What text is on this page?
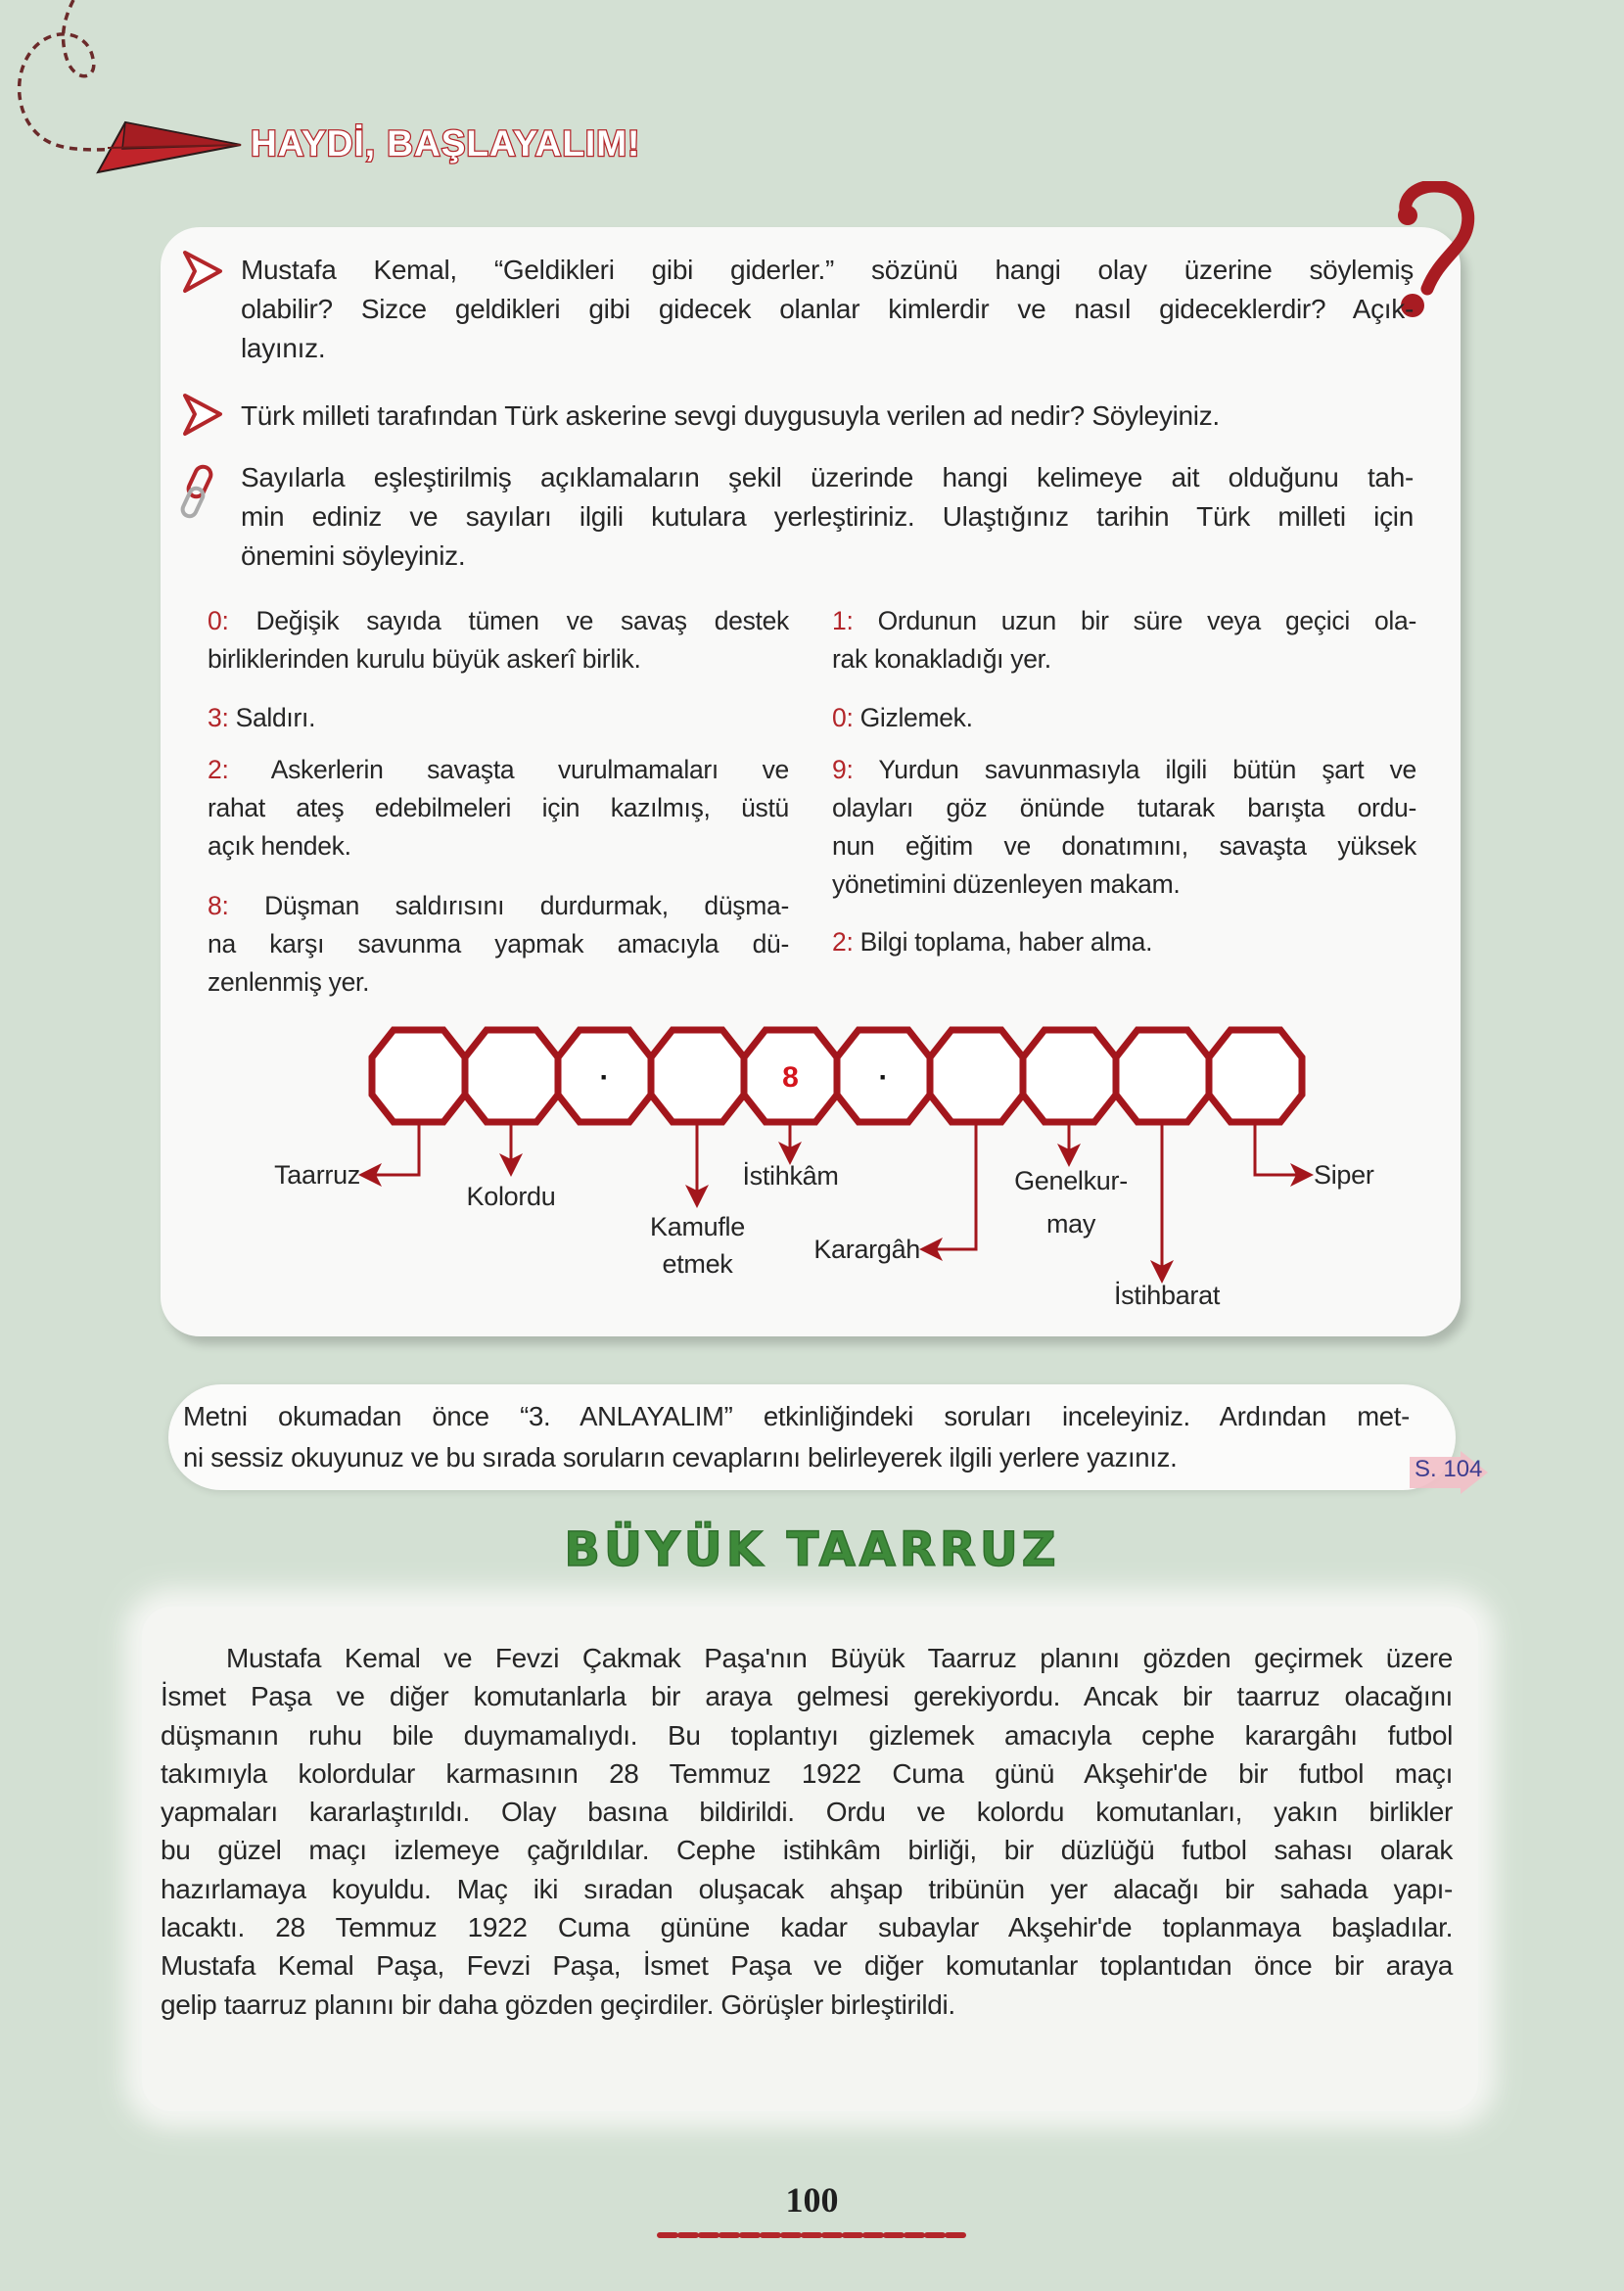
HAYDİ, BAŞLAYALIM!
Mustafa Kemal, “Geldikleri gibi giderler.” sözünü hangi olay üzerine söylemiş
olabilir? Sizce geldikleri gibi gidecek olanlar kimlerdir ve nasıl gideceklerdir? Açık-
layınız.
Türk milleti tarafından Türk askerine sevgi duygusuyla verilen ad nedir? Söyleyiniz.
Sayılarla eşleştirilmiş açıklamaların şekil üzerinde hangi kelimeye ait olduğunu tah-
min ediniz ve sayıları ilgili kutulara yerleştiriniz. Ulaştığınız tarihin Türk milleti için
önemini söyleyiniz.
0: Değişik sayıda tümen ve savaş destek
birliklerinden kurulu büyük askerî birlik.
3: Saldırı.
2: Askerlerin savaşta vurulmamaları ve
rahat ateş edebilmeleri için kazılmış, üstü
açık hendek.
8: Düşman saldırısını durdurmak, düşma-
na karşı savunma yapmak amacıyla dü-
zenlenmiş yer.
1: Ordunun uzun bir süre veya geçici ola-
rak konakladığı yer.
0: Gizlemek.
9: Yurdun savunmasıyla ilgili bütün şart ve
olayları göz önünde tutarak barışta ordu-
nun eğitim ve donatımını, savaşta yüksek
yönetimini düzenleyen makam.
2: Bilgi toplama, haber alma.
·	8	·
Taarruz
Kolordu
Kamufle
etmek
İstihkâm
Karargâh
Genelkur-
may
İstihbarat
Siper
Metni okumadan önce “3. ANLAYALIM” etkinliğindeki soruları inceleyiniz. Ardından met-
ni sessiz okuyunuz ve bu sırada soruların cevaplarını belirleyerek ilgili yerlere yazınız.	S. 104
BÜYÜK TAARRUZ
Mustafa Kemal ve Fevzi Çakmak Paşa'nın Büyük Taarruz planını gözden geçirmek üzere
İsmet Paşa ve diğer komutanlarla bir araya gelmesi gerekiyordu. Ancak bir taarruz olacağını
düşmanın ruhu bile duymamalıydı. Bu toplantıyı gizlemek amacıyla cephe karargâhı futbol
takımıyla kolordular karmasının 28 Temmuz 1922 Cuma günü Akşehir'de bir futbol maçı
yapmaları kararlaştırıldı. Olay basına bildirildi. Ordu ve kolordu komutanları, yakın birlikler
bu güzel maçı izlemeye çağrıldılar. Cephe istihkâm birliği, bir düzlüğü futbol sahası olarak
hazırlamaya koyuldu. Maç iki sıradan oluşacak ahşap tribünün yer alacağı bir sahada yapı-
lacaktı. 28 Temmuz 1922 Cuma gününe kadar subaylar Akşehir'de toplanmaya başladılar.
Mustafa Kemal Paşa, Fevzi Paşa, İsmet Paşa ve diğer komutanlar toplantıdan önce bir araya
gelip taarruz planını bir daha gözden geçirdiler. Görüşler birleştirildi.
100
